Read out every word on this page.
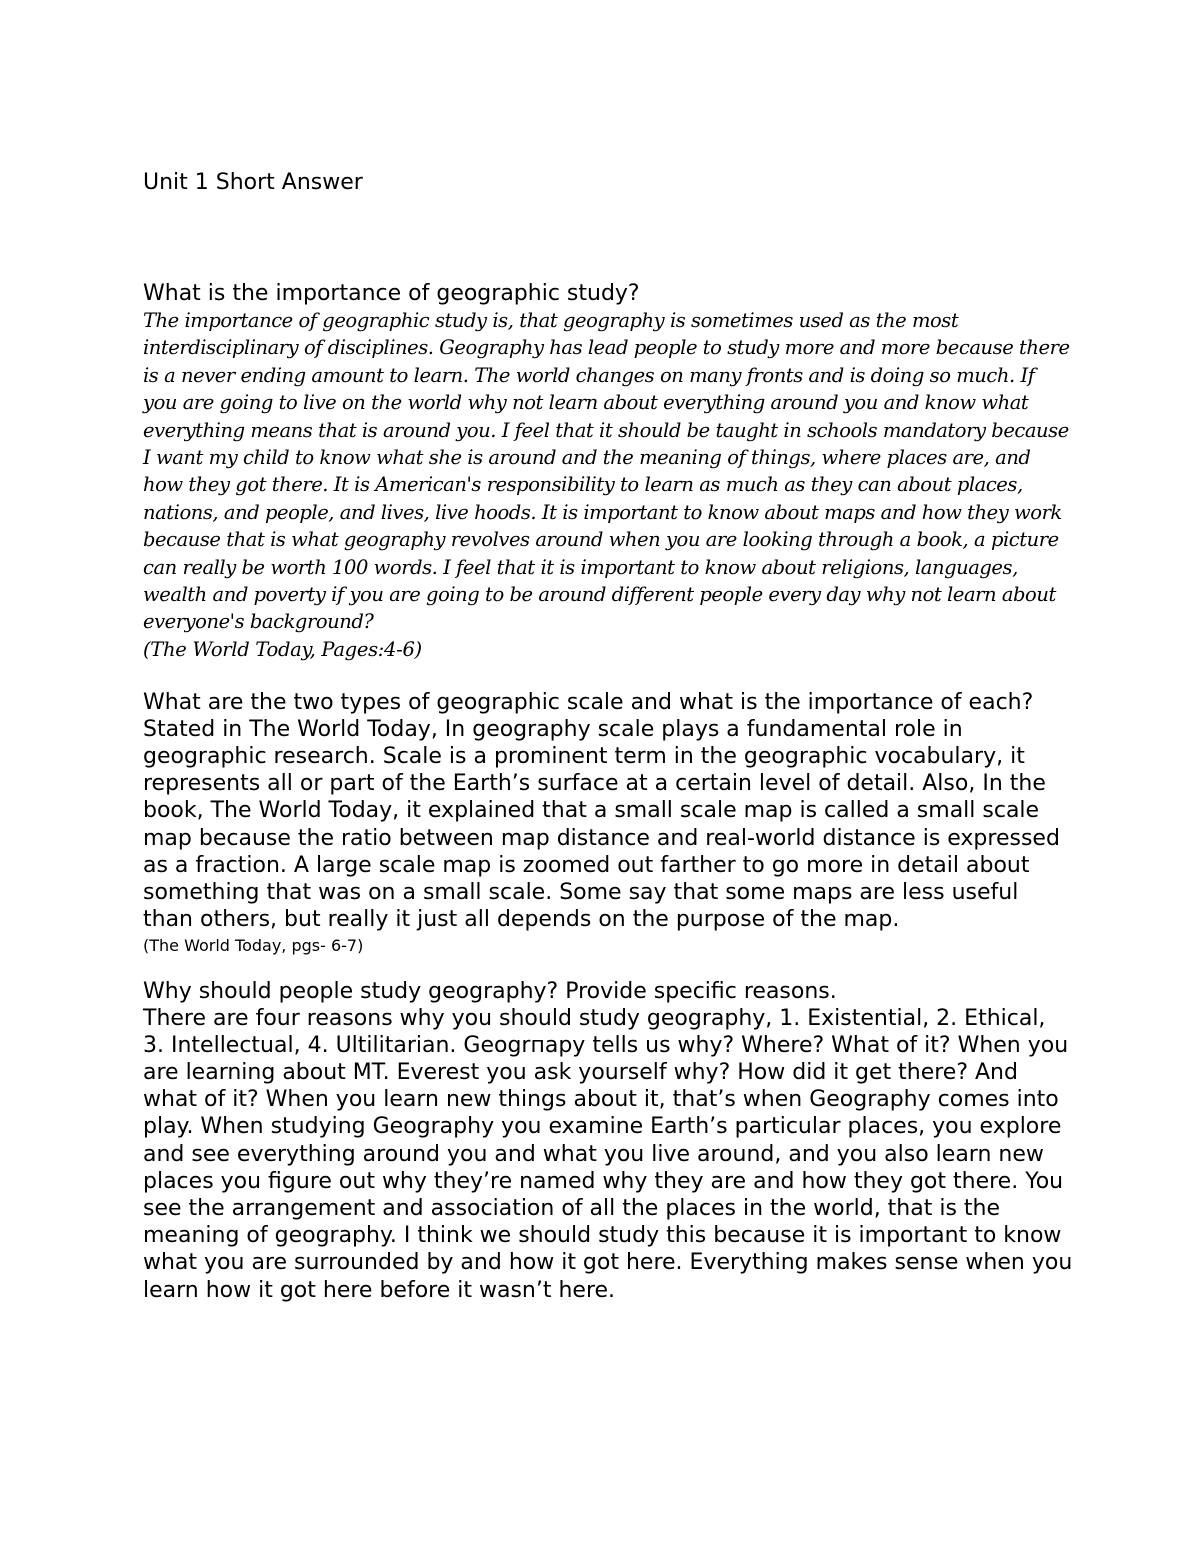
Unit 1 Short Answer

What is the importance of geographic study?

The importance of geographic study is, that geography is sometimes used as the most interdisciplinary of disciplines. Geography has lead people to study more and more because there is a never ending amount to learn. The world changes on many fronts and is doing so much. If you are going to live on the world why not learn about everything around you and know what everything means that is around you. I feel that it should be taught in schools mandatory because I want my child to know what she is around and the meaning of things, where places are, and how they got there. It is American's responsibility to learn as much as they can about places, nations, and people, and lives, live hoods. It is important to know about maps and how they work because that is what geography revolves around when you are looking through a book, a picture can really be worth 100 words. I feel that it is important to know about religions, languages, wealth and poverty if you are going to be around different people every day why not learn about everyone's background?

(The World Today, Pages:4-6)

What are the two types of geographic scale and what is the importance of each?

Stated in The World Today, In geography scale plays a fundamental role in geographic research. Scale is a prominent term in the geographic vocabulary, it represents all or part of the Earth’s surface at a certain level of detail. Also, In the book, The World Today, it explained that a small scale map is called a small scale map because the ratio between map distance and real-world distance is expressed as a fraction. A large scale map is zoomed out farther to go more in detail about something that was on a small scale. Some say that some maps are less useful than others, but really it just all depends on the purpose of the map.

(The World Today, pgs- 6-7)

Why should people study geography? Provide specific reasons.

There are four reasons why you should study geography, 1. Existential, 2. Ethical, 3. Intellectual, 4. Ultilitarian. Geogrпapy tells us why? Where? What of it? When you are learning about MT. Everest you ask yourself why? How did it get there? And what of it? When you learn new things about it, that’s when Geography comes into play. When studying Geography you examine Earth’s particular places, you explore and see everything around you and what you live around, and you also learn new places you figure out why they’re named why they are and how they got there. You see the arrangement and association of all the places in the world, that is the meaning of geography. I think we should study this because it is important to know what you are surrounded by and how it got here. Everything makes sense when you learn how it got here before it wasn’t here.
